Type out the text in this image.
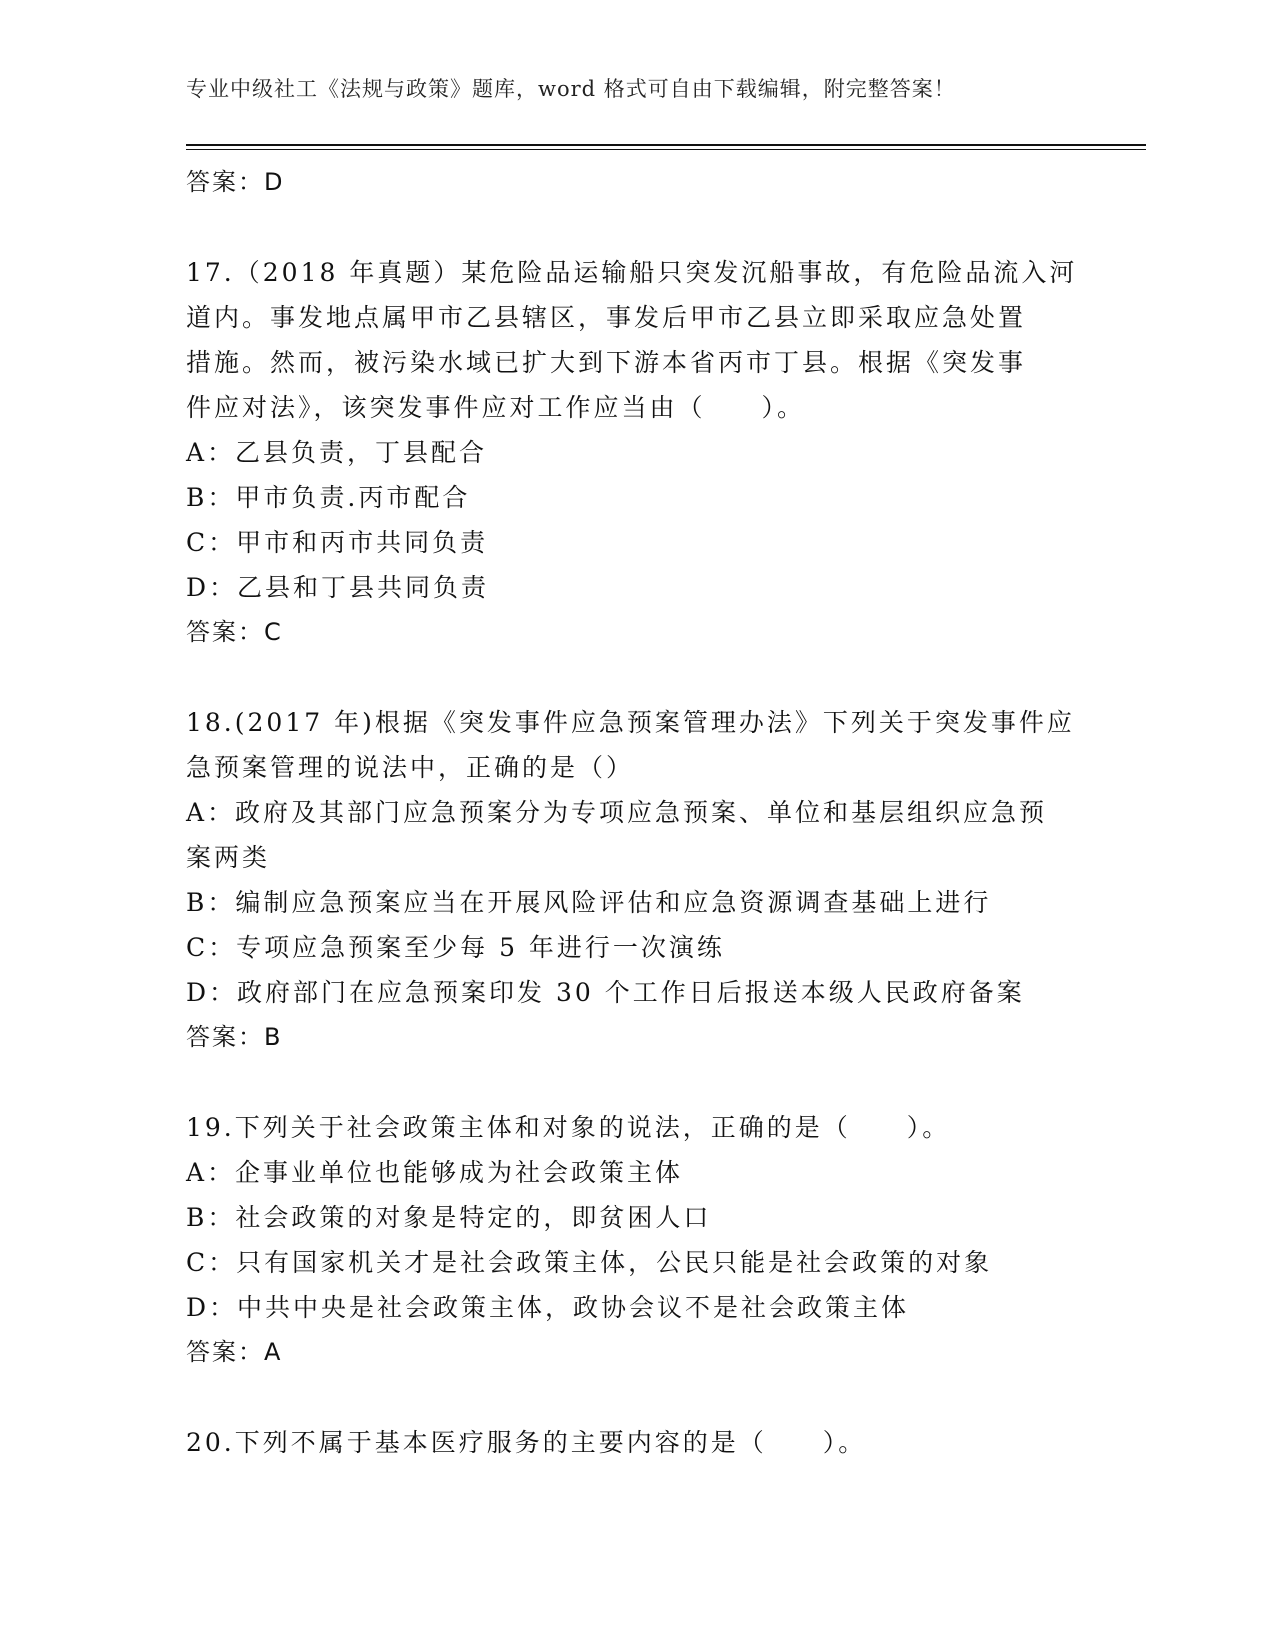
专业中级社工《法规与政策》题库，word 格式可自由下载编辑，附完整答案！
答案：D
17.（2018 年真题）某危险品运输船只突发沉船事故，有危险品流入河
道内。事发地点属甲市乙县辖区，事发后甲市乙县立即采取应急处置
措施。然而，被污染水域已扩大到下游本省丙市丁县。根据《突发事
件应对法》，该突发事件应对工作应当由（　　）。
A：乙县负责，丁县配合
B：甲市负责.丙市配合
C：甲市和丙市共同负责
D：乙县和丁县共同负责
答案：C
18.(2017 年)根据《突发事件应急预案管理办法》下列关于突发事件应
急预案管理的说法中，正确的是（）
A：政府及其部门应急预案分为专项应急预案、单位和基层组织应急预
案两类
B：编制应急预案应当在开展风险评估和应急资源调查基础上进行
C：专项应急预案至少每 5 年进行一次演练
D：政府部门在应急预案印发 30 个工作日后报送本级人民政府备案
答案：B
19.下列关于社会政策主体和对象的说法，正确的是（　　）。
A：企事业单位也能够成为社会政策主体
B：社会政策的对象是特定的，即贫困人口
C：只有国家机关才是社会政策主体，公民只能是社会政策的对象
D：中共中央是社会政策主体，政协会议不是社会政策主体
答案：A
20.下列不属于基本医疗服务的主要内容的是（　　）。
